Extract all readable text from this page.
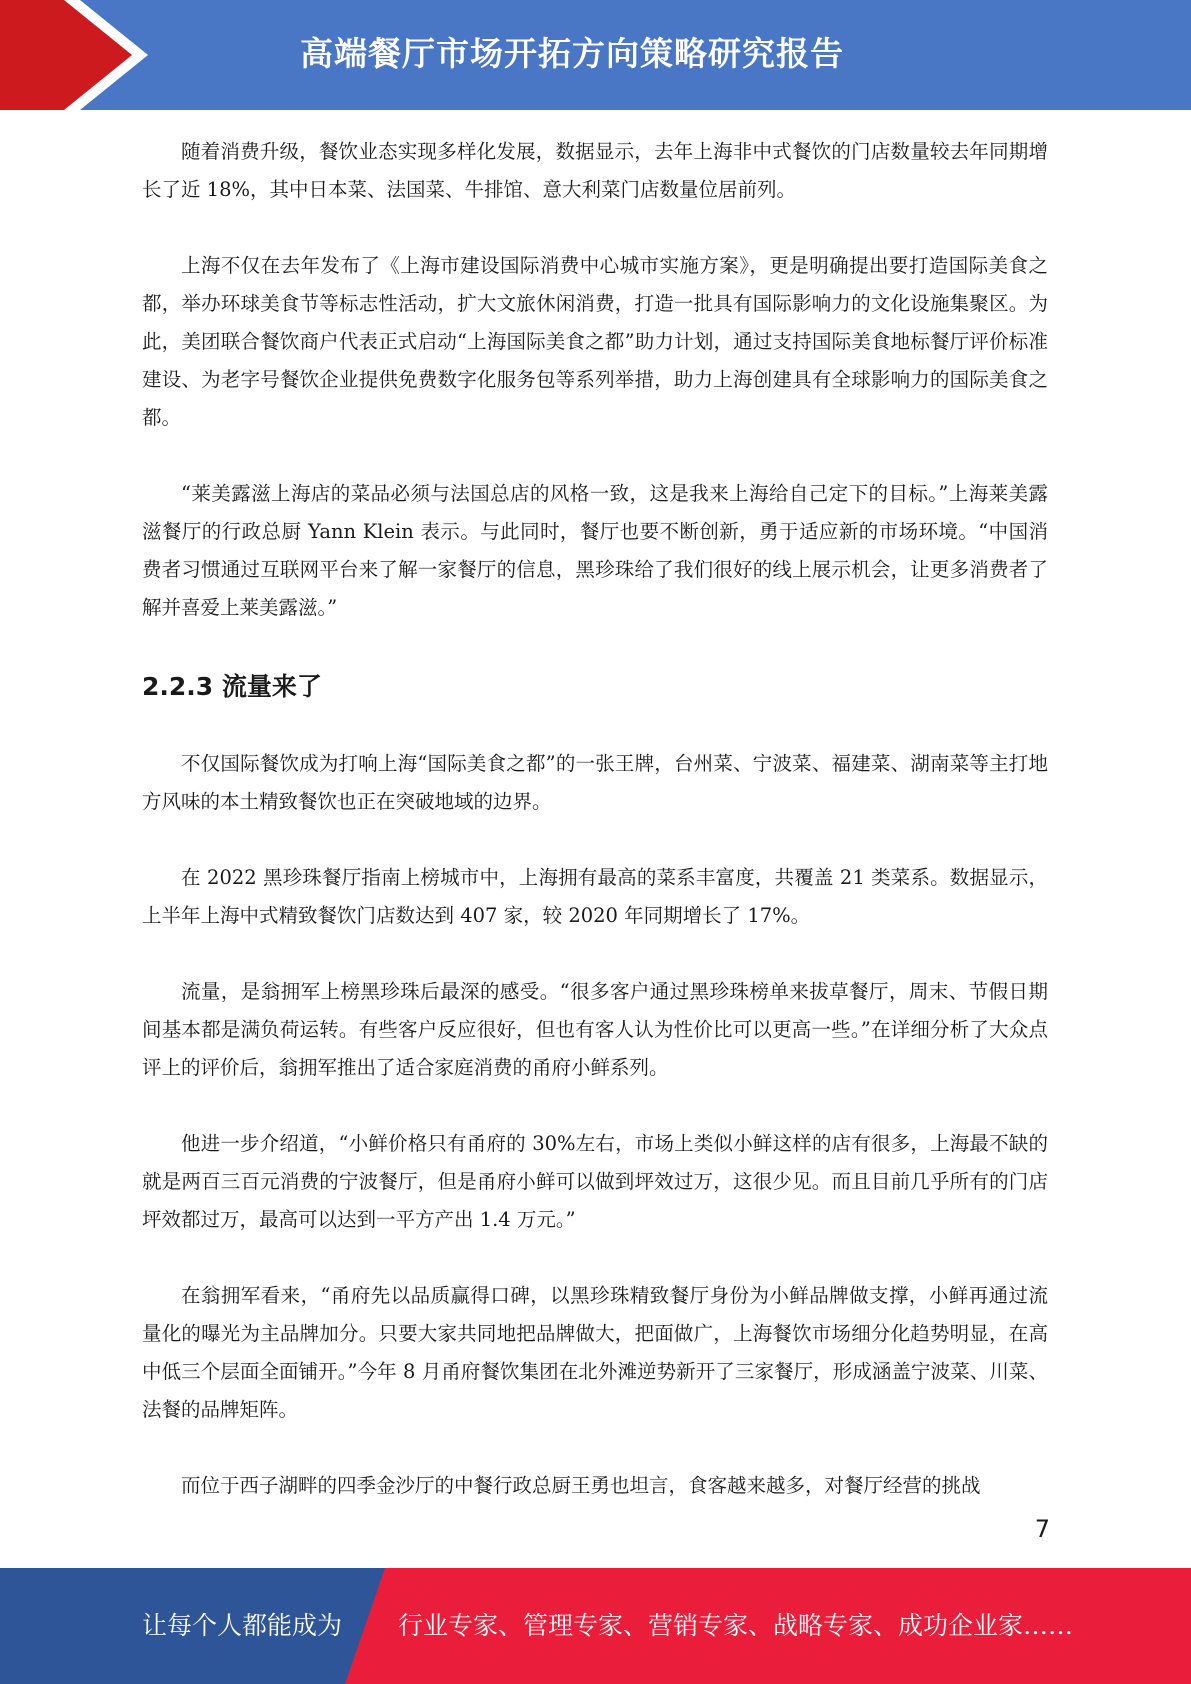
高端餐厅市场开拓方向策略研究报告

随着消费升级，餐饮业态实现多样化发展，数据显示，去年上海非中式餐饮的门店数量较去年同期增长了近 18%，其中日本菜、法国菜、牛排馆、意大利菜门店数量位居前列。

上海不仅在去年发布了《上海市建设国际消费中心城市实施方案》，更是明确提出要打造国际美食之都，举办环球美食节等标志性活动，扩大文旅休闲消费，打造一批具有国际影响力的文化设施集聚区。为此，美团联合餐饮商户代表正式启动“上海国际美食之都”助力计划，通过支持国际美食地标餐厅评价标准建设、为老字号餐饮企业提供免费数字化服务包等系列举措，助力上海创建具有全球影响力的国际美食之都。

“莱美露滋上海店的菜品必须与法国总店的风格一致，这是我来上海给自己定下的目标。”上海莱美露滋餐厅的行政总厨 Yann Klein 表示。与此同时，餐厅也要不断创新，勇于适应新的市场环境。“中国消费者习惯通过互联网平台来了解一家餐厅的信息，黑珍珠给了我们很好的线上展示机会，让更多消费者了解并喜爱上莱美露滋。”

2.2.3 流量来了

不仅国际餐饮成为打响上海“国际美食之都”的一张王牌，台州菜、宁波菜、福建菜、湖南菜等主打地方风味的本土精致餐饮也正在突破地域的边界。

在 2022 黑珍珠餐厅指南上榜城市中，上海拥有最高的菜系丰富度，共覆盖 21 类菜系。数据显示，上半年上海中式精致餐饮门店数达到 407 家，较 2020 年同期增长了 17%。

流量，是翁拥军上榜黑珍珠后最深的感受。“很多客户通过黑珍珠榜单来拔草餐厅，周末、节假日期间基本都是满负荷运转。有些客户反应很好，但也有客人认为性价比可以更高一些。”在详细分析了大众点评上的评价后，翁拥军推出了适合家庭消费的甬府小鲜系列。

他进一步介绍道，“小鲜价格只有甬府的 30%左右，市场上类似小鲜这样的店有很多，上海最不缺的就是两百三百元消费的宁波餐厅，但是甬府小鲜可以做到坪效过万，这很少见。而且目前几乎所有的门店坪效都过万，最高可以达到一平方产出 1.4 万元。”

在翁拥军看来，“甬府先以品质赢得口碑，以黑珍珠精致餐厅身份为小鲜品牌做支撑，小鲜再通过流量化的曝光为主品牌加分。只要大家共同地把品牌做大，把面做广，上海餐饮市场细分化趋势明显，在高中低三个层面全面铺开。”今年 8 月甬府餐饮集团在北外滩逆势新开了三家餐厅，形成涵盖宁波菜、川菜、法餐的品牌矩阵。

而位于西子湖畔的四季金沙厅的中餐行政总厨王勇也坦言，食客越来越多，对餐厅经营的挑战

7
让每个人都能成为 行业专家、管理专家、营销专家、战略专家、成功企业家……
